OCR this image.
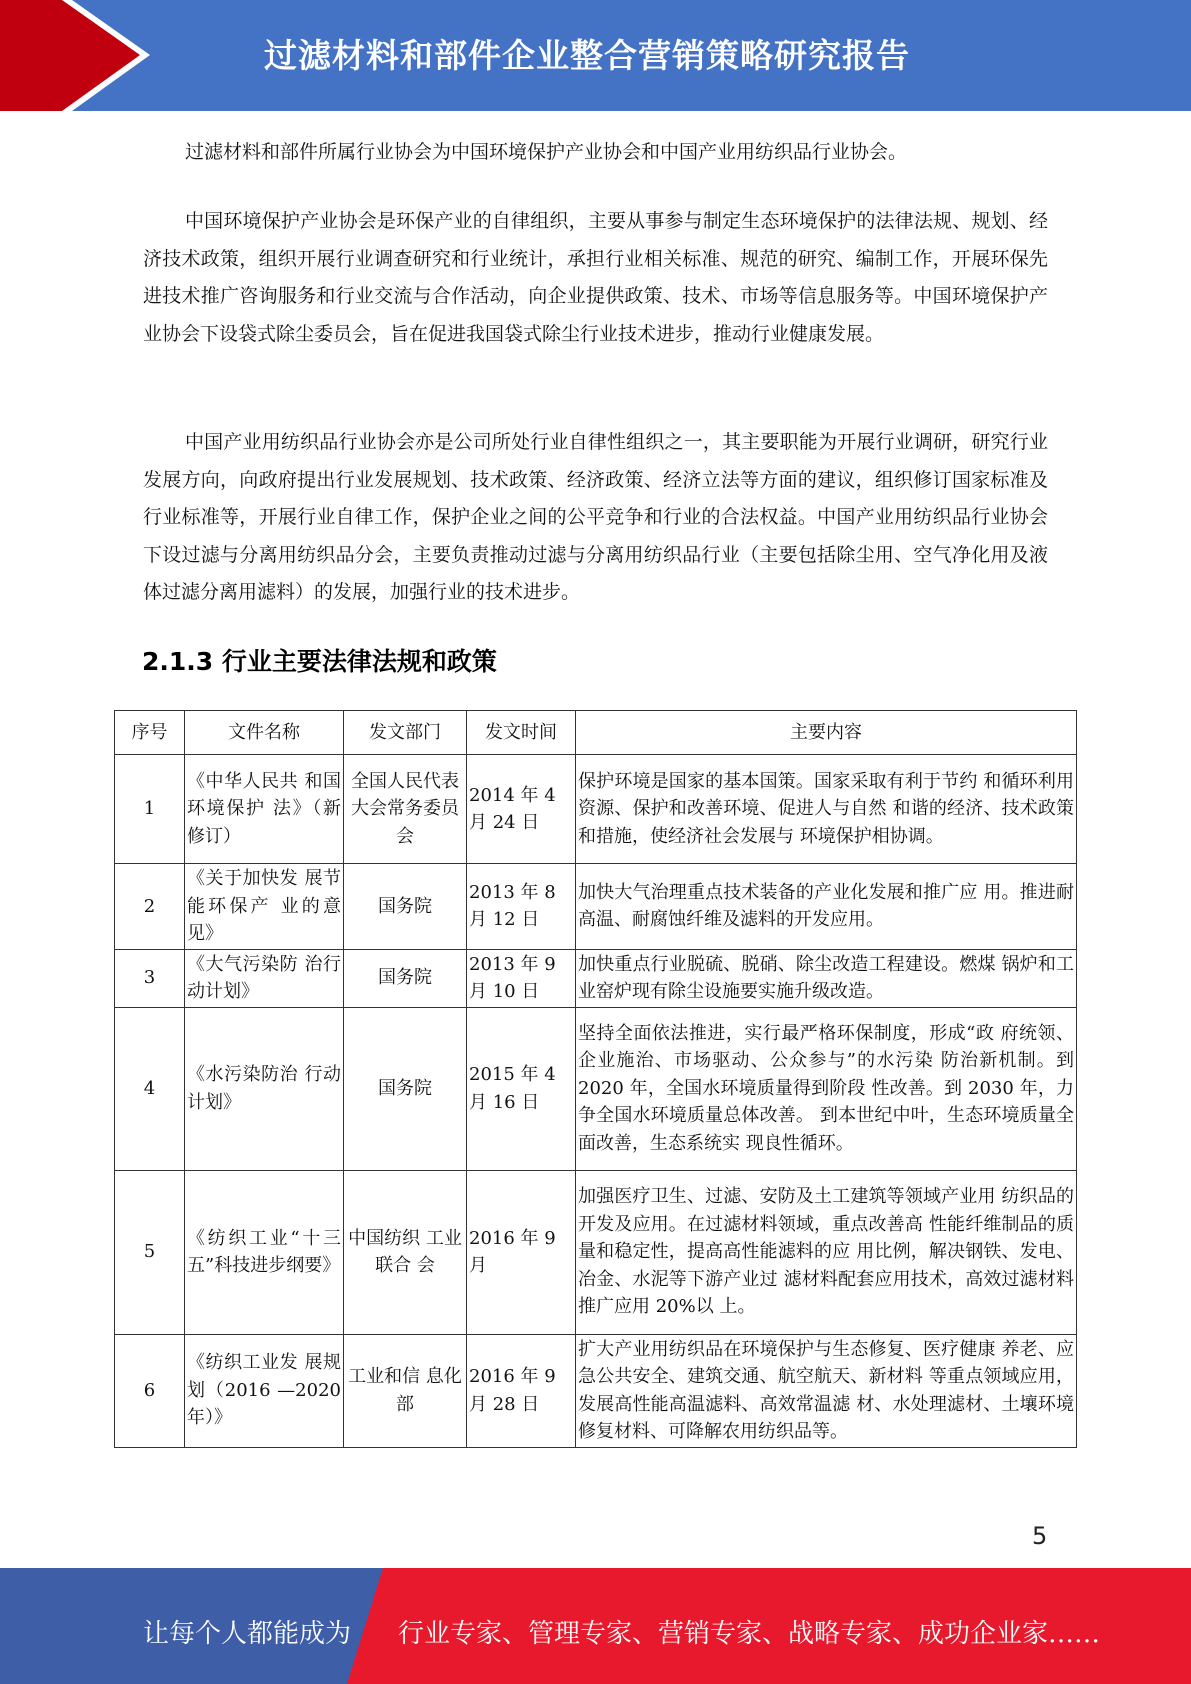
过滤材料和部件企业整合营销策略研究报告

过滤材料和部件所属行业协会为中国环境保护产业协会和中国产业用纺织品行业协会。

中国环境保护产业协会是环保产业的自律组织，主要从事参与制定生态环境保护的法律法规、规划、经济技术政策，组织开展行业调查研究和行业统计，承担行业相关标准、规范的研究、编制工作，开展环保先进技术推广咨询服务和行业交流与合作活动，向企业提供政策、技术、市场等信息服务等。中国环境保护产业协会下设袋式除尘委员会，旨在促进我国袋式除尘行业技术进步，推动行业健康发展。

中国产业用纺织品行业协会亦是公司所处行业自律性组织之一，其主要职能为开展行业调研，研究行业发展方向，向政府提出行业发展规划、技术政策、经济政策、经济立法等方面的建议，组织修订国家标准及行业标准等，开展行业自律工作，保护企业之间的公平竞争和行业的合法权益。中国产业用纺织品行业协会下设过滤与分离用纺织品分会，主要负责推动过滤与分离用纺织品行业（主要包括除尘用、空气净化用及液体过滤分离用滤料）的发展，加强行业的技术进步。

2.1.3 行业主要法律法规和政策
序号	文件名称	发文部门	发文时间	主要内容
1	《中华人民共 和国环境保护 法》（新修订）	全国人民代表大会常务委员会	2014 年 4 月 24 日	保护环境是国家的基本国策。国家采取有利于节约 和循环利用资源、保护和改善环境、促进人与自然 和谐的经济、技术政策和措施，使经济社会发展与 环境保护相协调。
2	《关于加快发 展节能环保产 业的意见》	国务院	2013 年 8 月 12 日	加快大气治理重点技术装备的产业化发展和推广应 用。推进耐高温、耐腐蚀纤维及滤料的开发应用。
3	《大气污染防 治行动计划》	国务院	2013 年 9 月 10 日	加快重点行业脱硫、脱硝、除尘改造工程建设。燃煤 锅炉和工业窑炉现有除尘设施要实施升级改造。
4	《水污染防治 行动计划》	国务院	2015 年 4 月 16 日	坚持全面依法推进，实行最严格环保制度，形成“政 府统领、企业施治、市场驱动、公众参与”的水污染 防治新机制。到 2020 年，全国水环境质量得到阶段 性改善。到 2030 年，力争全国水环境质量总体改善。 到本世纪中叶，生态环境质量全面改善，生态系统实 现良性循环。
5	《纺织工业“十三五”科技进步纲要》	中国纺织 工业联合 会	2016 年 9 月	加强医疗卫生、过滤、安防及土工建筑等领域产业用 纺织品的开发及应用。在过滤材料领域，重点改善高 性能纤维制品的质量和稳定性，提高高性能滤料的应 用比例，解决钢铁、发电、冶金、水泥等下游产业过 滤材料配套应用技术，高效过滤材料推广应用 20%以 上。
6	《纺织工业发 展规划（2016 —2020 年）》	工业和信 息化部	2016 年 9 月 28 日	扩大产业用纺织品在环境保护与生态修复、医疗健康 养老、应急公共安全、建筑交通、航空航天、新材料 等重点领域应用，发展高性能高温滤料、高效常温滤 材、水处理滤材、土壤环境修复材料、可降解农用纺织品等。
5
让每个人都能成为 行业专家、管理专家、营销专家、战略专家、成功企业家……
